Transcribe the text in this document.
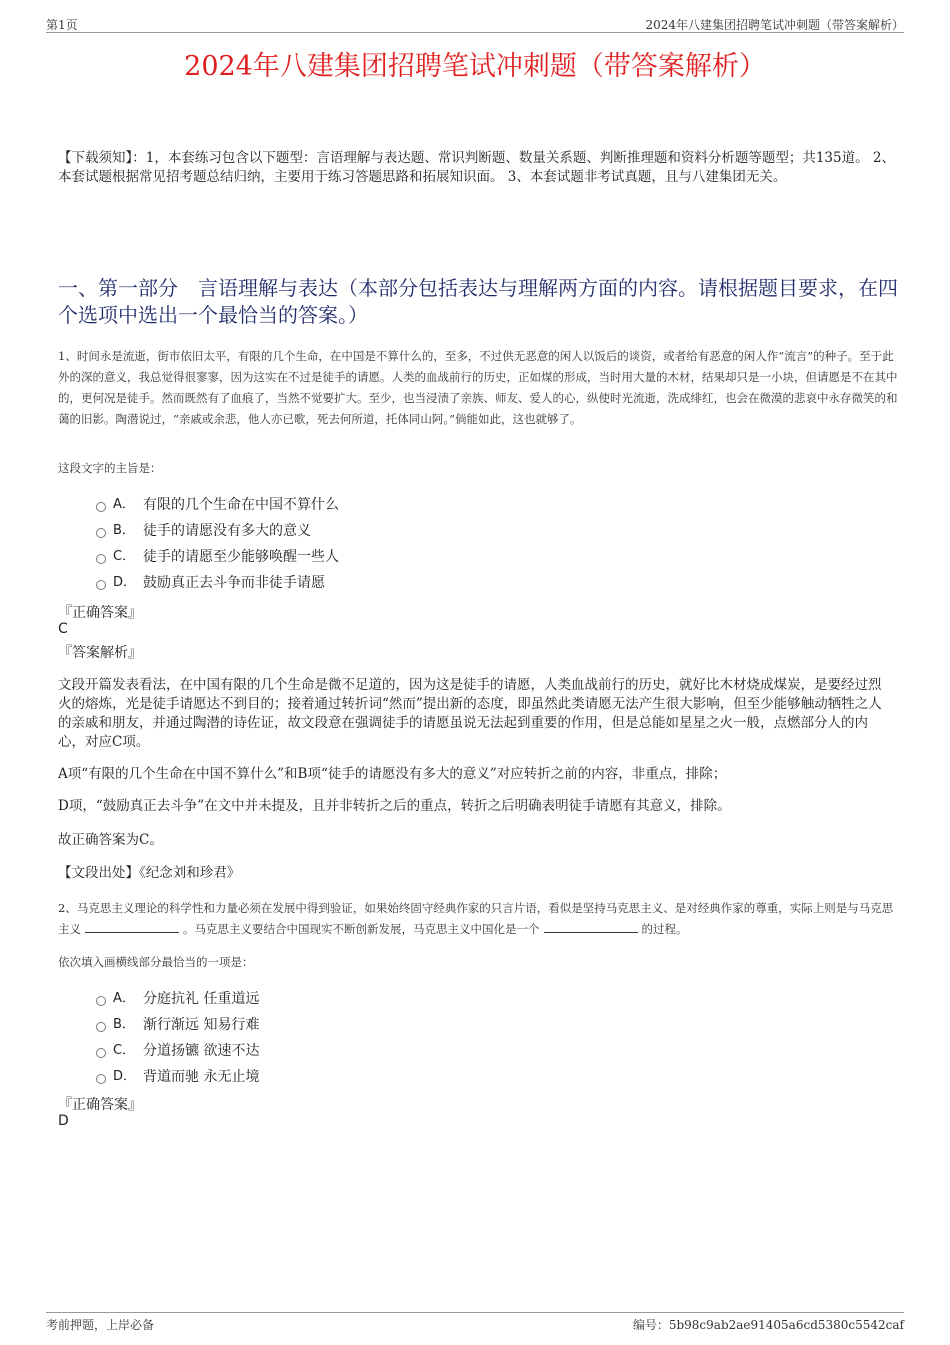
第1页	2024年八建集团招聘笔试冲刺题（带答案解析）
2024年八建集团招聘笔试冲刺题（带答案解析）
【下载须知】：1，本套练习包含以下题型：言语理解与表达题、常识判断题、数量关系题、判断推理题和资料分析题等题型；共135道。 2、本套试题根据常见招考题总结归纳，主要用于练习答题思路和拓展知识面。 3、本套试题非考试真题，且与八建集团无关。
一、第一部分　言语理解与表达（本部分包括表达与理解两方面的内容。请根据题目要求，在四个选项中选出一个最恰当的答案。）
1、时间永是流逝，街市依旧太平，有限的几个生命，在中国是不算什么的，至多，不过供无恶意的闲人以饭后的谈资，或者给有恶意的闲人作“流言”的种子。至于此外的深的意义，我总觉得很寥寥，因为这实在不过是徒手的请愿。人类的血战前行的历史，正如煤的形成，当时用大量的木材，结果却只是一小块，但请愿是不在其中的，更何况是徒手。然而既然有了血痕了，当然不觉要扩大。至少，也当浸渍了亲族、师友、爱人的心，纵使时光流逝，洗成绯红，也会在微漠的悲哀中永存微笑的和蔼的旧影。陶潜说过，“亲戚或余悲，他人亦已歌，死去何所道，托体同山阿。”倘能如此，这也就够了。
这段文字的主旨是：
A． 有限的几个生命在中国不算什么
B． 徒手的请愿没有多大的意义
C． 徒手的请愿至少能够唤醒一些人
D． 鼓励真正去斗争而非徒手请愿
『正确答案』
C
『答案解析』
文段开篇发表看法，在中国有限的几个生命是微不足道的，因为这是徒手的请愿，人类血战前行的历史，就好比木材烧成煤炭，是要经过烈火的熔炼，光是徒手请愿达不到目的；接着通过转折词“然而”提出新的态度，即虽然此类请愿无法产生很大影响，但至少能够触动牺牲之人的亲戚和朋友，并通过陶潜的诗佐证，故文段意在强调徒手的请愿虽说无法起到重要的作用，但是总能如星星之火一般，点燃部分人的内心，对应C项。
A项“有限的几个生命在中国不算什么”和B项“徒手的请愿没有多大的意义”对应转折之前的内容，非重点，排除；
D项，“鼓励真正去斗争”在文中并未提及，且并非转折之后的重点，转折之后明确表明徒手请愿有其意义，排除。
故正确答案为C。
【文段出处】《纪念刘和珍君》
2、马克思主义理论的科学性和力量必须在发展中得到验证，如果始终固守经典作家的只言片语，看似是坚持马克思主义、是对经典作家的尊重，实际上则是与马克思主义	。马克思主义要结合中国现实不断创新发展，马克思主义中国化是一个	的过程。
依次填入画横线部分最恰当的一项是：
A． 分庭抗礼 任重道远
B． 渐行渐远 知易行难
C． 分道扬镳 欲速不达
D． 背道而驰 永无止境
『正确答案』
D
考前押题，上岸必备	编号：5b98c9ab2ae91405a6cd5380c5542caf
